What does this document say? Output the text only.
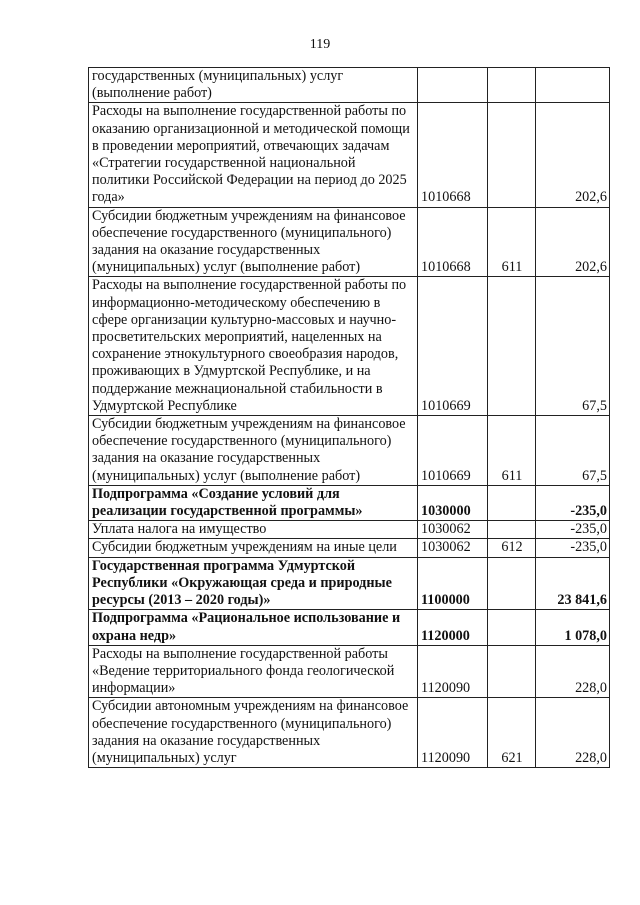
119
государственных (муниципальных) услуг (выполнение работ)			
Расходы на выполнение государственной работы по оказанию организационной и методической помощи в проведении мероприятий, отвечающих задачам «Стратегии государственной национальной политики Российской Федерации на период до 2025 года»	1010668		202,6
Субсидии бюджетным учреждениям на финансовое обеспечение государственного (муниципального) задания на оказание государственных (муниципальных) услуг (выполнение работ)	1010668	611	202,6
Расходы на выполнение государственной работы по информационно-методическому обеспечению в сфере организации культурно-массовых и научно-просветительских мероприятий, нацеленных на сохранение этнокультурного своеобразия народов, проживающих в Удмуртской Республике, и на поддержание межнациональной стабильности в Удмуртской Республике	1010669		67,5
Субсидии бюджетным учреждениям на финансовое обеспечение государственного (муниципального) задания на оказание государственных (муниципальных) услуг (выполнение работ)	1010669	611	67,5
Подпрограмма «Создание условий для реализации государственной программы»	1030000		-235,0
Уплата налога на имущество	1030062		-235,0
Субсидии бюджетным учреждениям на иные цели	1030062	612	-235,0
Государственная программа Удмуртской Республики «Окружающая среда и природные ресурсы (2013 – 2020 годы)»	1100000		23 841,6
Подпрограмма «Рациональное использование и охрана недр»	1120000		1 078,0
Расходы на выполнение государственной работы «Ведение территориального фонда геологической информации»	1120090		228,0
Субсидии автономным учреждениям на финансовое обеспечение государственного (муниципального) задания на оказание государственных (муниципальных) услуг	1120090	621	228,0
